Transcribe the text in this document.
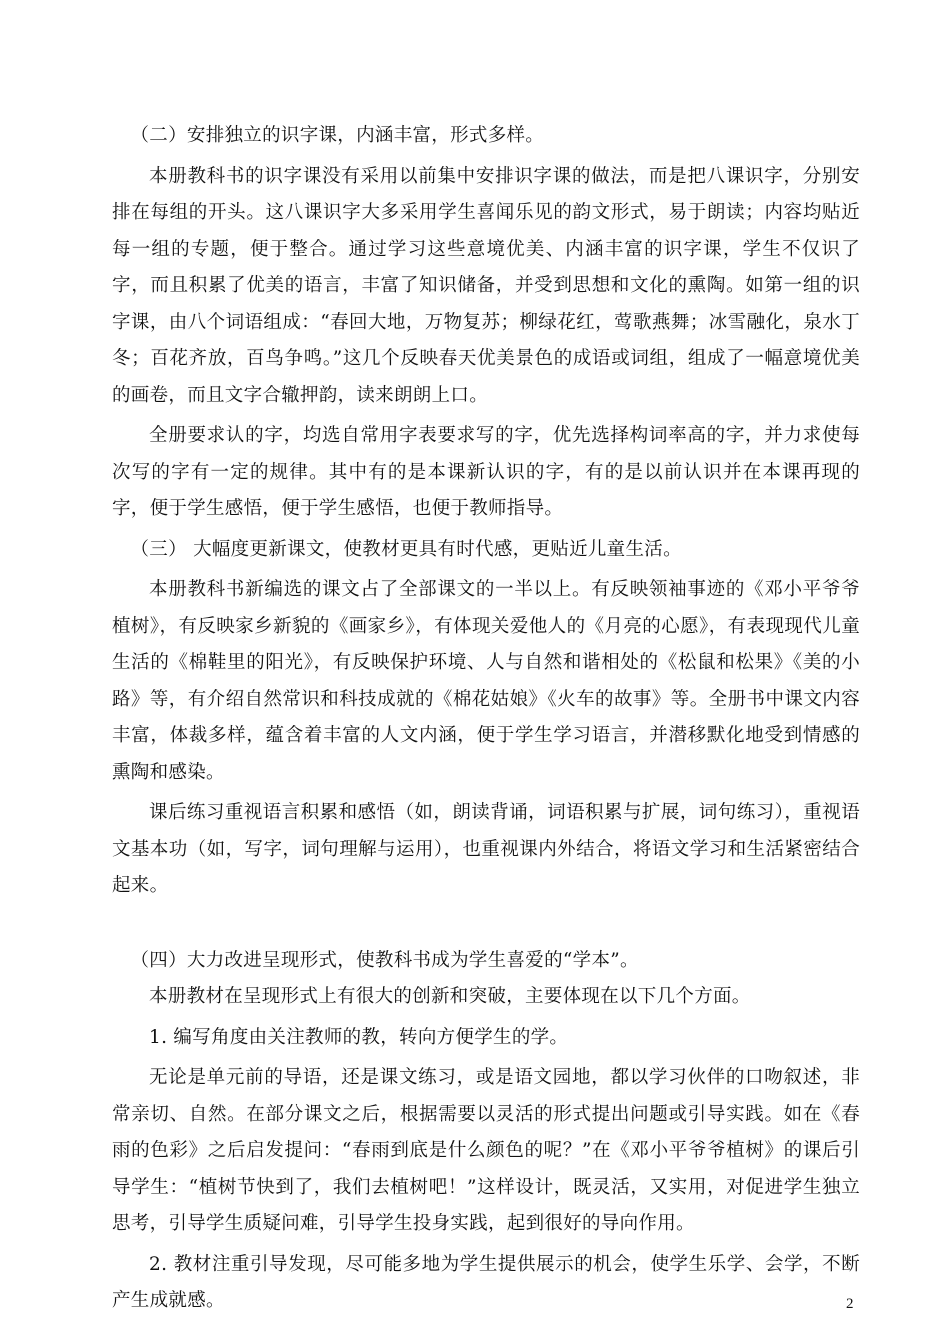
（二）安排独立的识字课，内涵丰富，形式多样。

本册教科书的识字课没有采用以前集中安排识字课的做法，而是把八课识字，分别安排在每组的开头。这八课识字大多采用学生喜闻乐见的韵文形式，易于朗读；内容均贴近每一组的专题，便于整合。通过学习这些意境优美、内涵丰富的识字课，学生不仅识了字，而且积累了优美的语言，丰富了知识储备，并受到思想和文化的熏陶。如第一组的识字课，由八个词语组成：“春回大地，万物复苏；柳绿花红，莺歌燕舞；冰雪融化，泉水丁冬；百花齐放，百鸟争鸣。”这几个反映春天优美景色的成语或词组，组成了一幅意境优美的画卷，而且文字合辙押韵，读来朗朗上口。

全册要求认的字，均选自常用字表要求写的字，优先选择构词率高的字，并力求使每次写的字有一定的规律。其中有的是本课新认识的字，有的是以前认识并在本课再现的字，便于学生感悟，便于学生感悟，也便于教师指导。

（三） 大幅度更新课文，使教材更具有时代感，更贴近儿童生活。

本册教科书新编选的课文占了全部课文的一半以上。有反映领袖事迹的《邓小平爷爷植树》，有反映家乡新貌的《画家乡》，有体现关爱他人的《月亮的心愿》，有表现现代儿童生活的《棉鞋里的阳光》，有反映保护环境、人与自然和谐相处的《松鼠和松果》《美的小路》等，有介绍自然常识和科技成就的《棉花姑娘》《火车的故事》等。全册书中课文内容丰富，体裁多样，蕴含着丰富的人文内涵，便于学生学习语言，并潜移默化地受到情感的熏陶和感染。

课后练习重视语言积累和感悟（如，朗读背诵，词语积累与扩展，词句练习），重视语文基本功（如，写字，词句理解与运用），也重视课内外结合，将语文学习和生活紧密结合起来。

（四）大力改进呈现形式，使教科书成为学生喜爱的“学本”。

本册教材在呈现形式上有很大的创新和突破，主要体现在以下几个方面。

1. 编写角度由关注教师的教，转向方便学生的学。

无论是单元前的导语，还是课文练习，或是语文园地，都以学习伙伴的口吻叙述，非常亲切、自然。在部分课文之后，根据需要以灵活的形式提出问题或引导实践。如在《春雨的色彩》之后启发提问：“春雨到底是什么颜色的呢？”在《邓小平爷爷植树》的课后引导学生：“植树节快到了，我们去植树吧！”这样设计，既灵活，又实用，对促进学生独立思考，引导学生质疑问难，引导学生投身实践，起到很好的导向作用。

2. 教材注重引导发现，尽可能多地为学生提供展示的机会，使学生乐学、会学，不断产生成就感。	2
